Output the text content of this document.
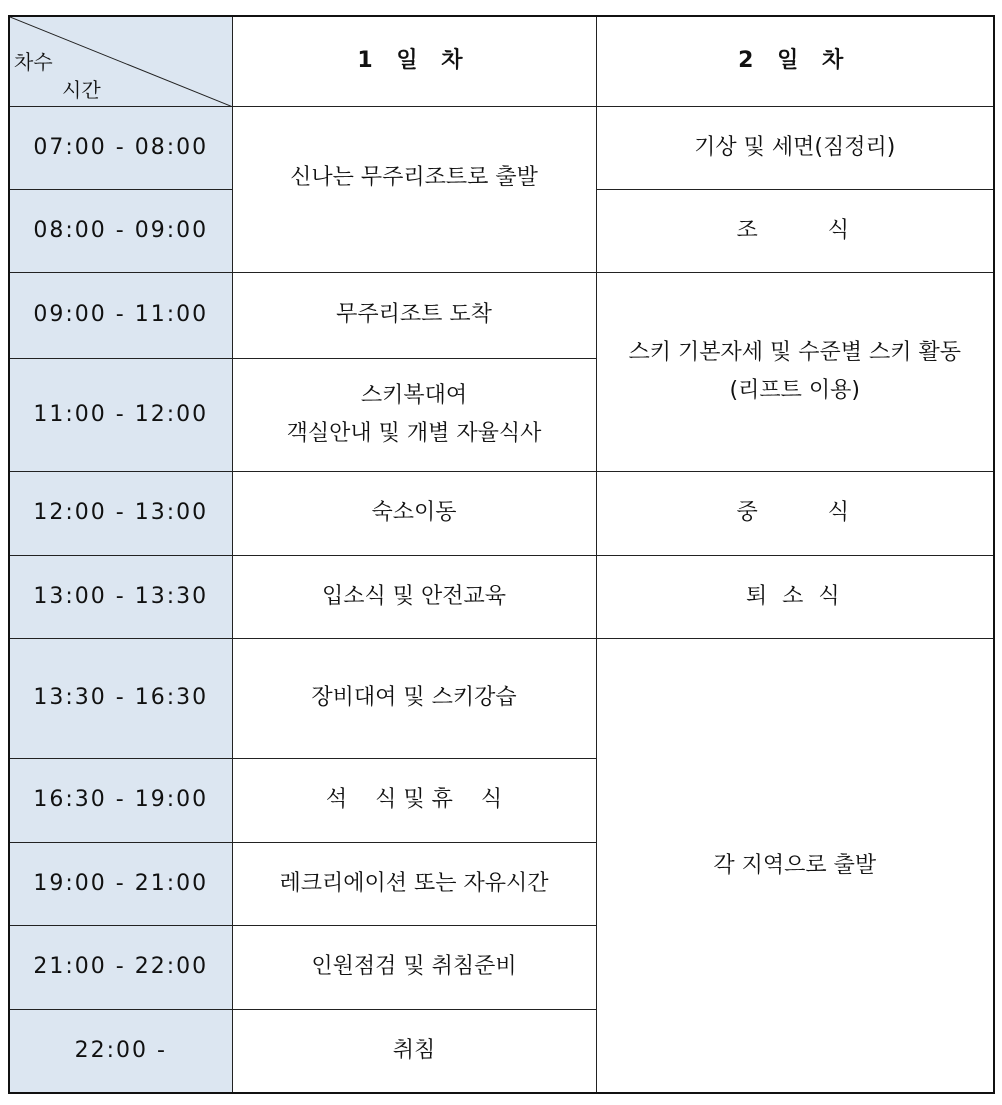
차수
시간	1 일 차	2 일 차
07:00 - 08:00	신나는 무주리조트로 출발	기상 및 세면(짐정리)
08:00 - 09:00		조      식
09:00 - 11:00	무주리조트 도착	스키 기본자세 및 수준별 스키 활동
(리프트 이용)

11:00 - 12:00	스키복대여
객실안내 및 개별 자율식사	

12:00 - 13:00	숙소이동	중      식
13:00 - 13:30	입소식 및 안전교육	퇴 소 식
13:30 - 16:30	장비대여 및 스키강습	각 지역으로 출발
16:30 - 19:00	석    식 및 휴    식	
19:00 - 21:00	레크리에이션 또는 자유시간	
21:00 - 22:00	인원점검 및 취침준비	
22:00 -	취침	
